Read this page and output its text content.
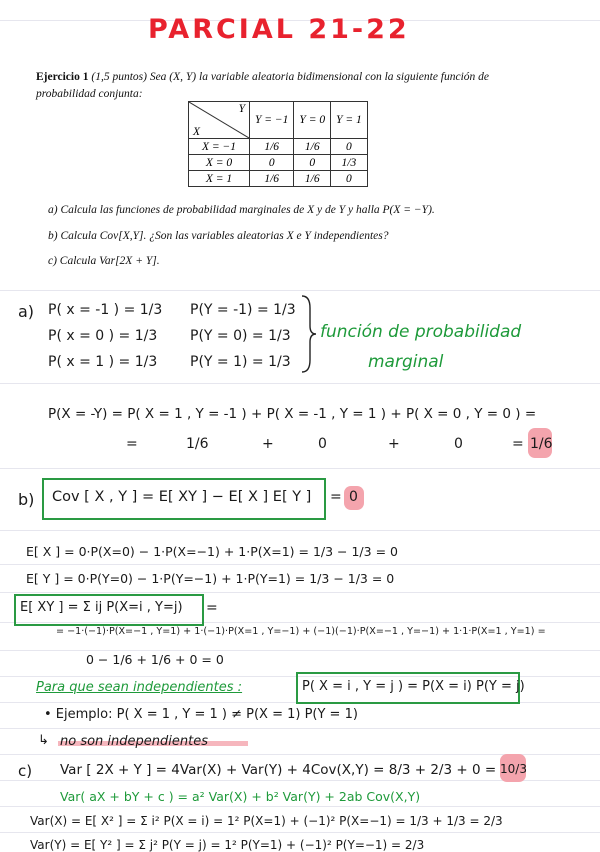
PARCIAL 21-22
Ejercicio 1 (1,5 puntos) Sea (X, Y) la variable aleatoria bidimensional con la siguiente función de
probabilidad conjunta:
Y
X	Y = −1	Y = 0	Y = 1
X = −1	1/6	1/6	0
X = 0	0	0	1/3
X = 1	1/6	1/6	0
a) Calcula las funciones de probabilidad marginales de X y de Y y halla P(X = −Y).
b) Calcula Cov[X,Y]. ¿Son las variables aleatorias X e Y independientes?
c) Calcula Var[2X + Y].
a) P( x = -1 ) = 1/3
P( x = 0 ) = 1/3
P( x = 1 ) = 1/3
P(Y = -1) = 1/3
P(Y = 0) = 1/3
P(Y = 1) = 1/3
función de probabilidad
marginal
P(X = -Y) = P( X = 1 , Y = -1 ) + P( X = -1 , Y = 1 ) + P( X = 0 , Y = 0 ) =
=	1/6	+	0	+	0	= 1/6
b) Cov [ X , Y ] = E[ XY ] − E[ X ] E[ Y ] = 0
E[ X ] = 0·P(X=0) − 1·P(X=−1) + 1·P(X=1) = 1/3 − 1/3 = 0
E[ Y ] = 0·P(Y=0) − 1·P(Y=−1) + 1·P(Y=1) = 1/3 − 1/3 = 0
E[ XY ] = Σ ij P(X=i , Y=j) =
= −1·(−1)·P(X=−1 , Y=1) + 1·(−1)·P(X=1 , Y=−1) + (−1)(−1)·P(X=−1 , Y=−1) + 1·1·P(X=1 , Y=1) =
0 − 1/6 + 1/6 + 0 = 0
Para que sean independientes :	P( X = i , Y = j ) = P(X = i) P(Y = j)
• Ejemplo: P( X = 1 , Y = 1 ) ≠ P(X = 1) P(Y = 1)
↳ no son independientes
c) Var [ 2X + Y ] = 4Var(X) + Var(Y) + 4Cov(X,Y) = 8/3 + 2/3 + 0 = 10/3
Var( aX + bY + c ) = a² Var(X) + b² Var(Y) + 2ab Cov(X,Y)
Var(X) = E[ X² ] = Σ i² P(X = i) = 1² P(X=1) + (−1)² P(X=−1) = 1/3 + 1/3 = 2/3
Var(Y) = E[ Y² ] = Σ j² P(Y = j) = 1² P(Y=1) + (−1)² P(Y=−1) = 2/3
